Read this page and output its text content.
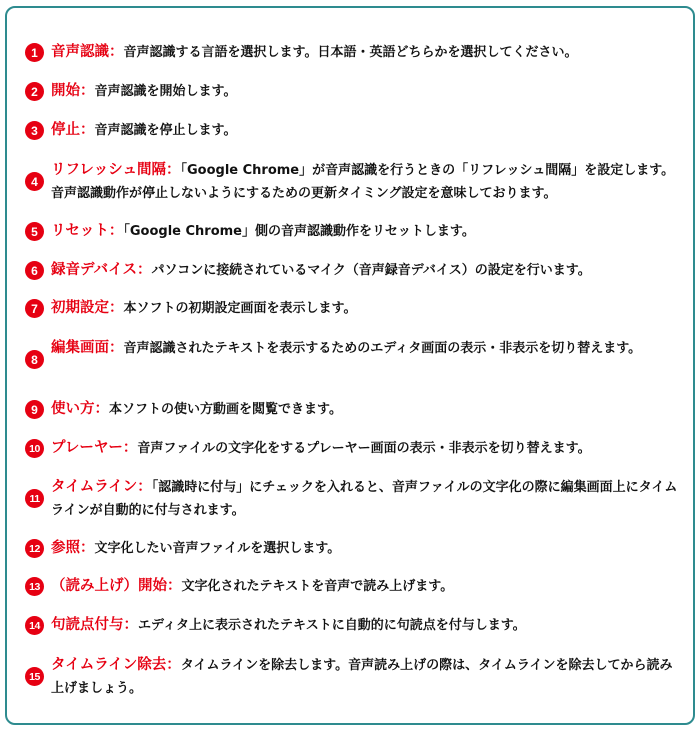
1 音声認識：音声認識する言語を選択します。日本語・英語どちらかを選択してください。
2 開始：音声認識を開始します。
3 停止：音声認識を停止します。
4
リフレッシュ間隔：「Google Chrome」が音声認識を行うときの「リフレッシュ間隔」を設定します。音声認識動作が停止しないようにするための更新タイミング設定を意味しております。
5 リセット：「Google Chrome」側の音声認識動作をリセットします。
6 録音デバイス：パソコンに接続されているマイク（音声録音デバイス）の設定を行います。
7 初期設定：本ソフトの初期設定画面を表示します。
8
編集画面：音声認識されたテキストを表示するためのエディタ画面の表示・非表示を切り替えます。
9 使い方：本ソフトの使い方動画を閲覧できます。
10 プレーヤー：音声ファイルの文字化をするプレーヤー画面の表示・非表示を切り替えます。
11
タイムライン：「認識時に付与」にチェックを入れると、音声ファイルの文字化の際に編集画面上にタイムラインが自動的に付与されます。
12 参照：文字化したい音声ファイルを選択します。
13 （読み上げ）開始：文字化されたテキストを音声で読み上げます。
14 句読点付与：エディタ上に表示されたテキストに自動的に句読点を付与します。
15
タイムライン除去：タイムラインを除去します。音声読み上げの際は、タイムラインを除去してから読み上げましょう。
